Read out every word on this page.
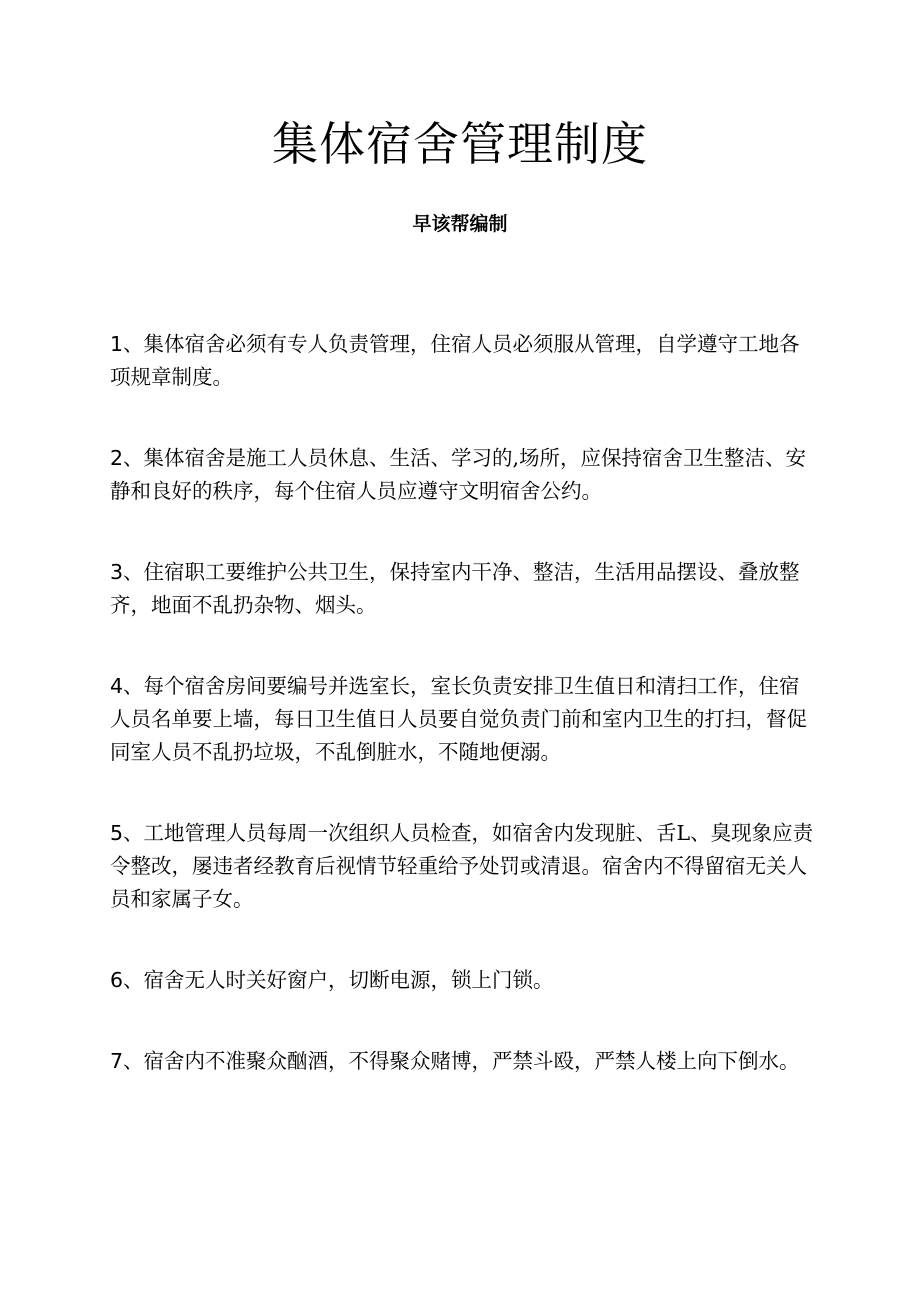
集体宿舍管理制度
早该帮编制
1、集体宿舍必须有专人负责管理，住宿人员必须服从管理，自学遵守工地各项规章制度。
2、集体宿舍是施工人员休息、生活、学习的,场所，应保持宿舍卫生整洁、安静和良好的秩序，每个住宿人员应遵守文明宿舍公约。
3、住宿职工要维护公共卫生，保持室内干净、整洁，生活用品摆设、叠放整齐，地面不乱扔杂物、烟头。
4、每个宿舍房间要编号并选室长，室长负责安排卫生值日和清扫工作，住宿人员名单要上墙，每日卫生值日人员要自觉负责门前和室内卫生的打扫，督促同室人员不乱扔垃圾，不乱倒脏水，不随地便溺。
5、工地管理人员每周一次组织人员检查，如宿舍内发现脏、舌L、臭现象应责令整改，屡违者经教育后视情节轻重给予处罚或清退。宿舍内不得留宿无关人员和家属子女。
6、宿舍无人时关好窗户，切断电源，锁上门锁。
7、宿舍内不准聚众酗酒，不得聚众赌博，严禁斗殴，严禁人楼上向下倒水。
